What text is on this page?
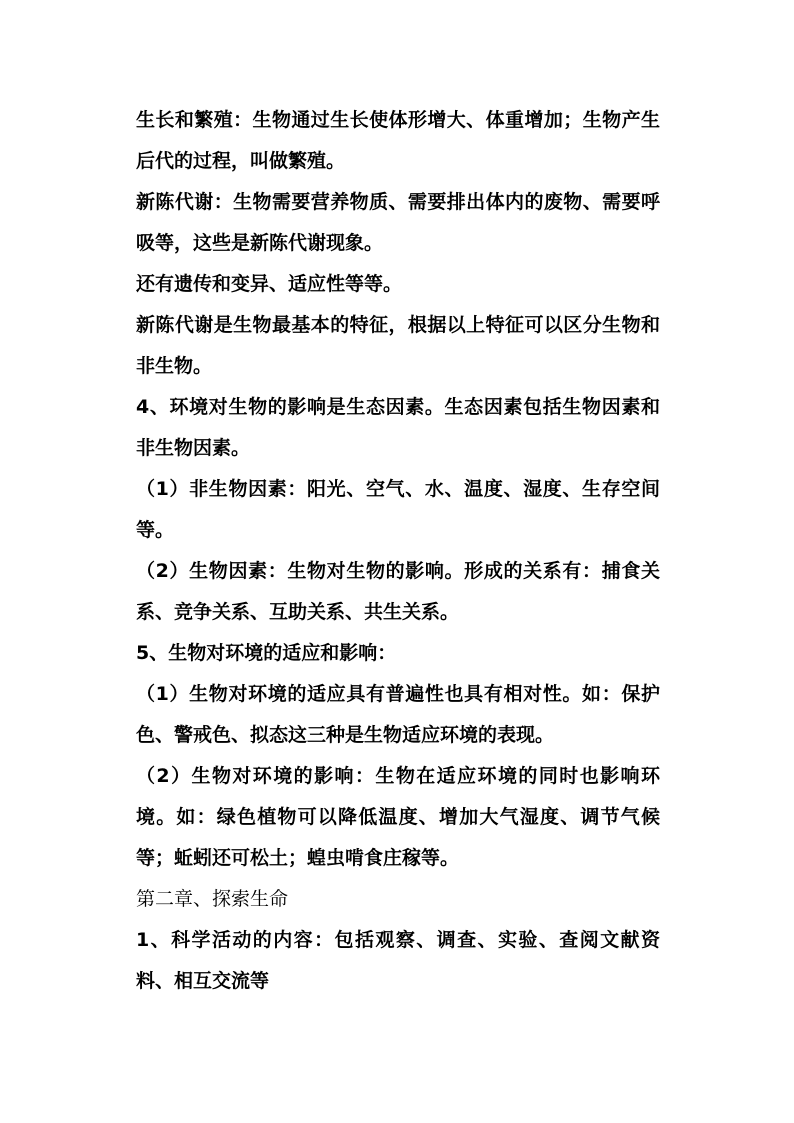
生长和繁殖：生物通过生长使体形增大、体重增加；生物产生后代的过程，叫做繁殖。

新陈代谢：生物需要营养物质、需要排出体内的废物、需要呼吸等，这些是新陈代谢现象。

还有遗传和变异、适应性等等。

新陈代谢是生物最基本的特征，根据以上特征可以区分生物和非生物。

4、环境对生物的影响是生态因素。生态因素包括生物因素和非生物因素。

（1）非生物因素：阳光、空气、水、温度、湿度、生存空间等。

（2）生物因素：生物对生物的影响。形成的关系有：捕食关系、竞争关系、互助关系、共生关系。

5、生物对环境的适应和影响：

（1）生物对环境的适应具有普遍性也具有相对性。如：保护色、警戒色、拟态这三种是生物适应环境的表现。

（2）生物对环境的影响：生物在适应环境的同时也影响环境。如：绿色植物可以降低温度、增加大气湿度、调节气候等；蚯蚓还可松土；蝗虫啃食庄稼等。

第二章、探索生命

1、科学活动的内容：包括观察、调查、实验、查阅文献资料、相互交流等
